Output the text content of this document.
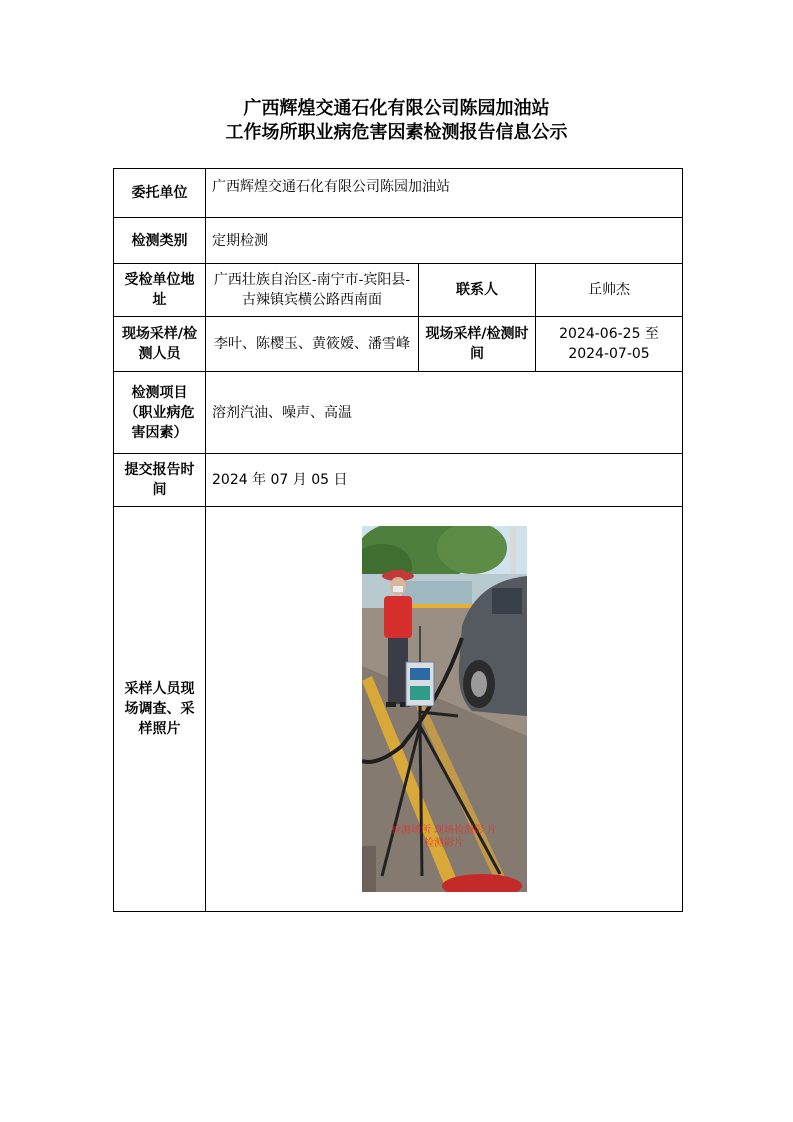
广西辉煌交通石化有限公司陈园加油站
工作场所职业病危害因素检测报告信息公示
委托单位	广西辉煌交通石化有限公司陈园加油站		
检测类别	定期检测		
受检单位地址	广西壮族自治区-南宁市-宾阳县-古辣镇宾横公路西南面	联系人	丘帅杰
现场采样/检测人员	李叶、陈樱玉、黄筱嫒、潘雪峰	现场采样/检测时间	2024-06-25 至
2024-07-05

检测项目（职业病危害因素）	溶剂汽油、噪声、高温		
提交报告时间	2024 年 07 月 05 日		
采样人员现场调查、采样照片	检测场所 现场检测影 片
检测影片		
